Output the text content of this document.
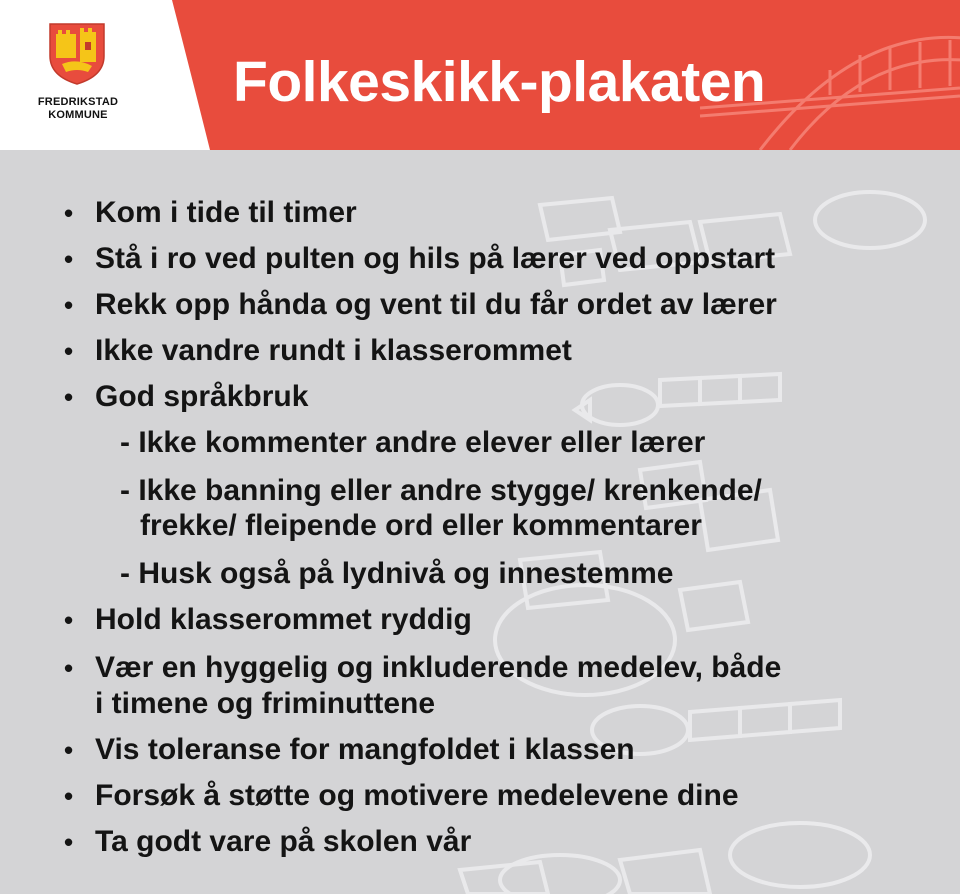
FREDRIKSTAD
KOMMUNE
Folkeskikk-plakaten
• Kom i tide til timer

• Stå i ro ved pulten og hils på lærer ved oppstart

• Rekk opp hånda og vent til du får ordet av lærer

• Ikke vandre rundt i klasserommet

• God språkbruk

- Ikke kommenter andre elever eller lærer

- Ikke banning eller andre stygge/ krenkende/

frekke/ fleipende ord eller kommentarer

- Husk også på lydnivå og innestemme

• Hold klasserommet ryddig

• Vær en hyggelig og inkluderende medelev, både

i timene og friminuttene

• Vis toleranse for mangfoldet i klassen

• Forsøk å støtte og motivere medelevene dine

• Ta godt vare på skolen vår
